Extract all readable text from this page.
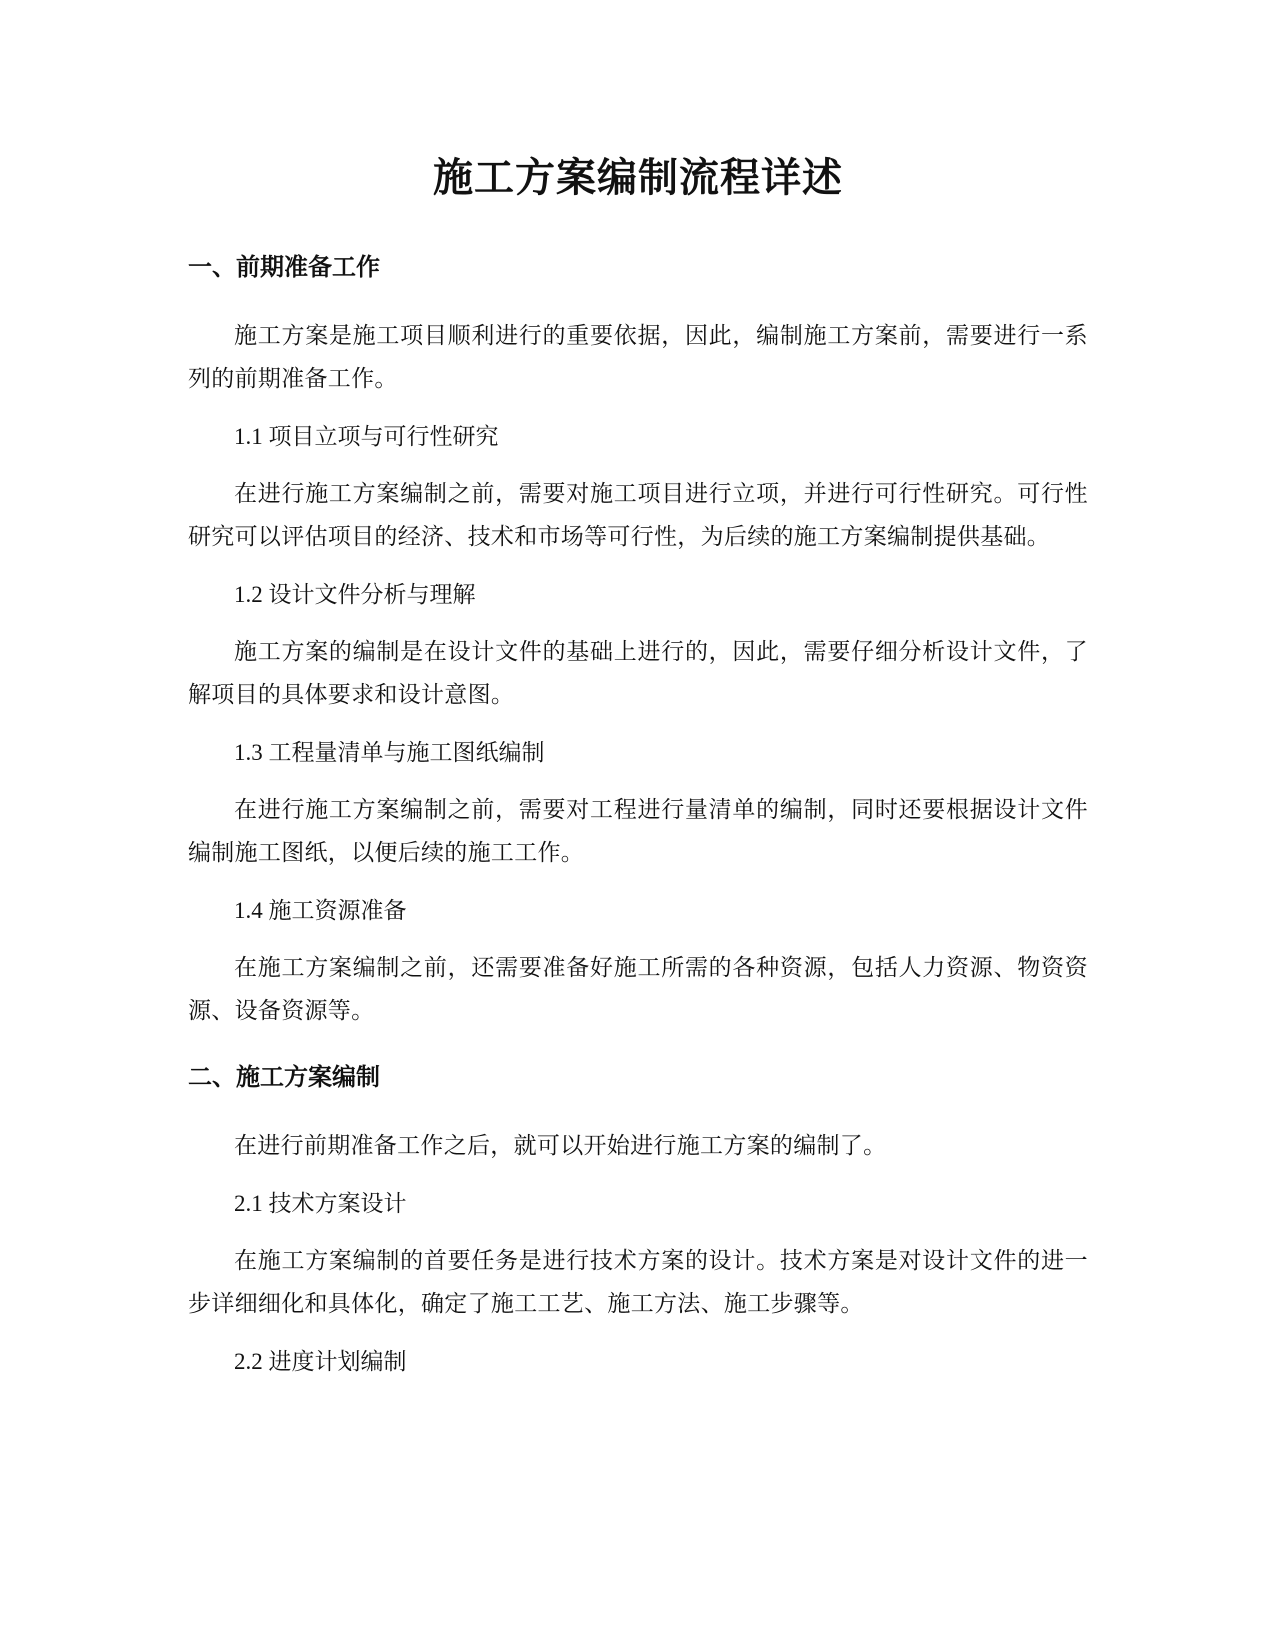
施工方案编制流程详述
一、前期准备工作

施工方案是施工项目顺利进行的重要依据，因此，编制施工方案前，需要进行一系列的前期准备工作。

1.1 项目立项与可行性研究

在进行施工方案编制之前，需要对施工项目进行立项，并进行可行性研究。可行性研究可以评估项目的经济、技术和市场等可行性，为后续的施工方案编制提供基础。

1.2 设计文件分析与理解

施工方案的编制是在设计文件的基础上进行的，因此，需要仔细分析设计文件，了解项目的具体要求和设计意图。

1.3 工程量清单与施工图纸编制

在进行施工方案编制之前，需要对工程进行量清单的编制，同时还要根据设计文件编制施工图纸，以便后续的施工工作。

1.4 施工资源准备

在施工方案编制之前，还需要准备好施工所需的各种资源，包括人力资源、物资资源、设备资源等。

二、施工方案编制

在进行前期准备工作之后，就可以开始进行施工方案的编制了。

2.1 技术方案设计

在施工方案编制的首要任务是进行技术方案的设计。技术方案是对设计文件的进一步详细细化和具体化，确定了施工工艺、施工方法、施工步骤等。

2.2 进度计划编制
